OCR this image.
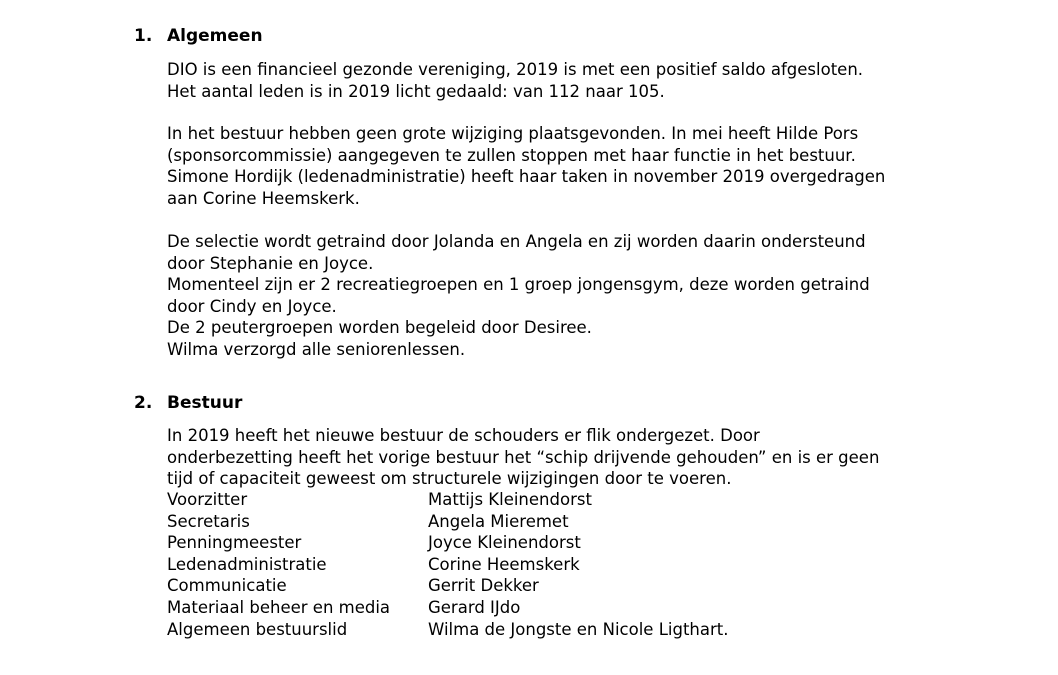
1. Algemeen
DIO is een financieel gezonde vereniging, 2019 is met een positief saldo afgesloten.
Het aantal leden is in 2019 licht gedaald: van 112 naar 105.
In het bestuur hebben geen grote wijziging plaatsgevonden. In mei heeft Hilde Pors
(sponsorcommissie) aangegeven te zullen stoppen met haar functie in het bestuur.
Simone Hordijk (ledenadministratie) heeft haar taken in november 2019 overgedragen
aan Corine Heemskerk.
De selectie wordt getraind door Jolanda en Angela en zij worden daarin ondersteund
door Stephanie en Joyce.
Momenteel zijn er 2 recreatiegroepen en 1 groep jongensgym, deze worden getraind
door Cindy en Joyce.
De 2 peutergroepen worden begeleid door Desiree.
Wilma verzorgd alle seniorenlessen.
2. Bestuur
In 2019 heeft het nieuwe bestuur de schouders er flik ondergezet. Door
onderbezetting heeft het vorige bestuur het “schip drijvende gehouden” en is er geen
tijd of capaciteit geweest om structurele wijzigingen door te voeren.
Voorzitter	Mattijs Kleinendorst
Secretaris	Angela Mieremet
Penningmeester	Joyce Kleinendorst
Ledenadministratie	Corine Heemskerk
Communicatie	Gerrit Dekker
Materiaal beheer en media	Gerard IJdo
Algemeen bestuurslid	Wilma de Jongste en Nicole Ligthart.
